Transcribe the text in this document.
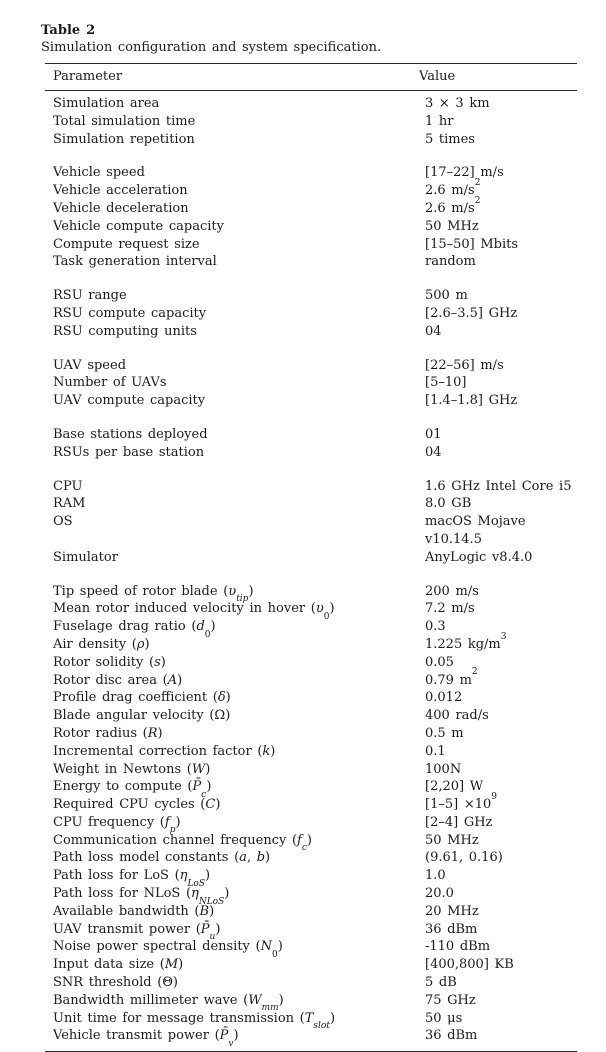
Table 2
Simulation configuration and system specification.
Parameter	Value
Simulation area	3 × 3 km
Total simulation time	1 hr
Simulation repetition	5 times
Vehicle speed	[17–22] m/s
Vehicle acceleration	2.6 $m/s^2$
Vehicle deceleration	2.6 $m/s^2$
Vehicle compute capacity	50 MHz
Compute request size	[15–50] Mbits
Task generation interval	random
RSU range	500 m
RSU compute capacity	[2.6–3.5] GHz
RSU computing units	04
UAV speed	[22–56] m/s
Number of UAVs	[5–10]
UAV compute capacity	[1.4–1.8] GHz
Base stations deployed	01
RSUs per base station	04
CPU	1.6 GHz Intel Core i5
RAM	8.0 GB
OS	macOS Mojave v10.14.5
Simulator	AnyLogic v8.4.0
Tip speed of rotor blade $(\upsilon_{tip})$	200 m/s
Mean rotor induced velocity in hover $(\upsilon_0)$	7.2 m/s
Fuselage drag ratio $(d_0)$	0.3
Air density (ρ)	1.225 $kg/m^3$
Rotor solidity (s)	0.05
Rotor disc area (A)	0.79 $m^2$
Profile drag coefficient (δ)	0.012
Blade angular velocity (Ω)	400 rad/s
Rotor radius (R)	0.5 m
Incremental correction factor (k)	0.1
Weight in Newtons (W)	100N
Energy to compute $(P̄_c)$	[2,20] W
Required CPU cycles (C)	$[1-5] \times 10^9$
CPU frequency $(f_p)$	[2–4] GHz
Communication channel frequency $(f_c)$	50 MHz
Path loss model constants (a, b)	(9.61, 0.16)
Path loss for LoS $(\eta_{LoS})$	1.0
Path loss for NLoS $(\eta_{NLoS})$	20.0
Available bandwidth (B)	20 MHz
UAV transmit power $(P̄_u)$	36 dBm
Noise power spectral density $(N_0)$	-110 dBm
Input data size (M)	[400,800] KB
SNR threshold (Θ)	5 dB
Bandwidth millimeter wave $(W_{mm})$	75 GHz
Unit time for message transmission $(T_{slot})$	50 μs
Vehicle transmit power $(P̄_v)$	36 dBm
